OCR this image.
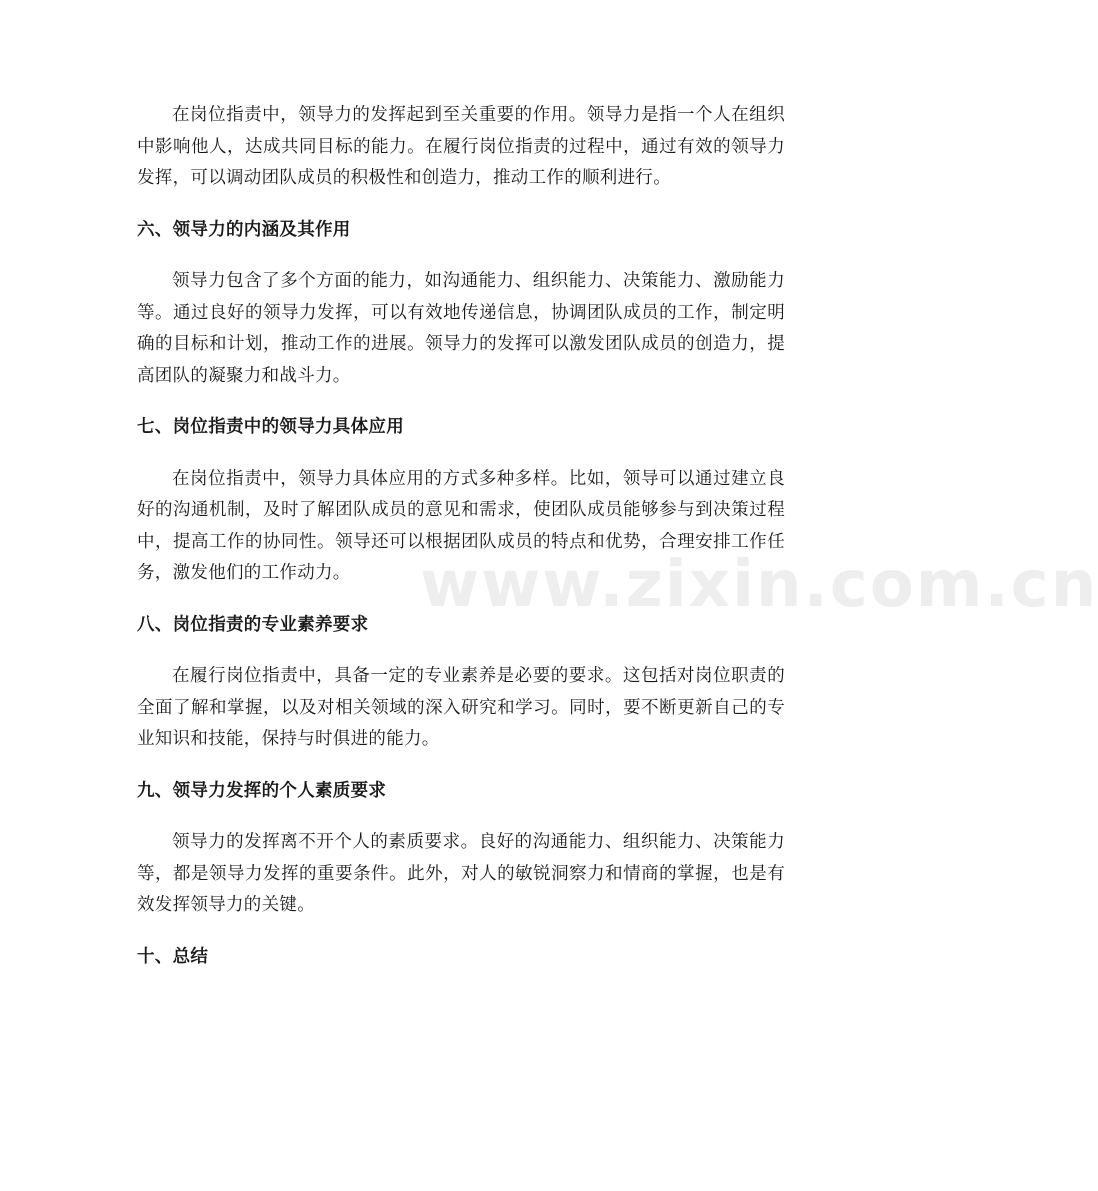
www.zixin.com.cn

在岗位指责中，领导力的发挥起到至关重要的作用。领导力是指一个人在组织中影响他人，达成共同目标的能力。在履行岗位指责的过程中，通过有效的领导力发挥，可以调动团队成员的积极性和创造力，推动工作的顺利进行。

六、领导力的内涵及其作用

领导力包含了多个方面的能力，如沟通能力、组织能力、决策能力、激励能力等。通过良好的领导力发挥，可以有效地传递信息，协调团队成员的工作，制定明确的目标和计划，推动工作的进展。领导力的发挥可以激发团队成员的创造力，提高团队的凝聚力和战斗力。

七、岗位指责中的领导力具体应用

在岗位指责中，领导力具体应用的方式多种多样。比如，领导可以通过建立良好的沟通机制，及时了解团队成员的意见和需求，使团队成员能够参与到决策过程中，提高工作的协同性。领导还可以根据团队成员的特点和优势，合理安排工作任务，激发他们的工作动力。

八、岗位指责的专业素养要求

在履行岗位指责中，具备一定的专业素养是必要的要求。这包括对岗位职责的全面了解和掌握，以及对相关领域的深入研究和学习。同时，要不断更新自己的专业知识和技能，保持与时俱进的能力。

九、领导力发挥的个人素质要求

领导力的发挥离不开个人的素质要求。良好的沟通能力、组织能力、决策能力等，都是领导力发挥的重要条件。此外，对人的敏锐洞察力和情商的掌握，也是有效发挥领导力的关键。

十、总结
